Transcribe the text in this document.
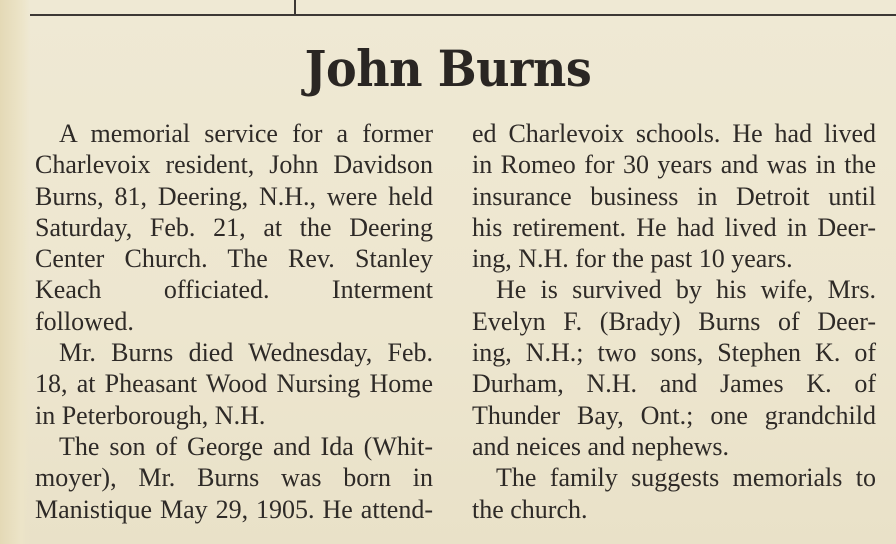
John Burns
A memorial service for a former
Charlevoix resident, John Davidson
Burns, 81, Deering, N.H., were held
Saturday, Feb. 21, at the Deering
Center Church. The Rev. Stanley
Keach officiated. Interment
followed.
Mr. Burns died Wednesday, Feb.
18, at Pheasant Wood Nursing Home
in Peterborough, N.H.
The son of George and Ida (Whit-
moyer), Mr. Burns was born in
Manistique May 29, 1905. He attend-
ed Charlevoix schools. He had lived
in Romeo for 30 years and was in the
insurance business in Detroit until
his retirement. He had lived in Deer-
ing, N.H. for the past 10 years.
He is survived by his wife, Mrs.
Evelyn F. (Brady) Burns of Deer-
ing, N.H.; two sons, Stephen K. of
Durham, N.H. and James K. of
Thunder Bay, Ont.; one grandchild
and neices and nephews.
The family suggests memorials to
the church.
